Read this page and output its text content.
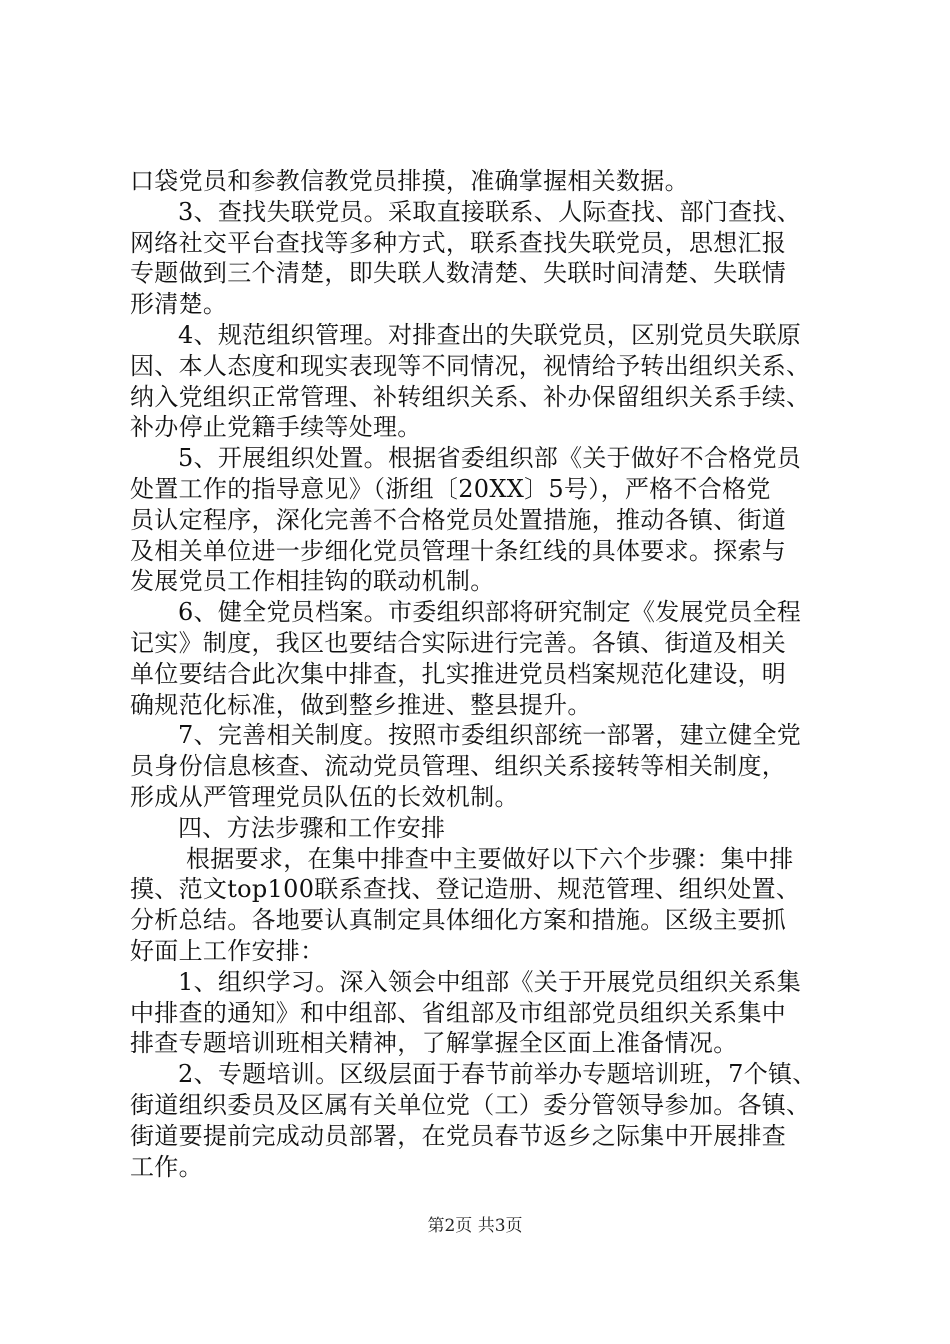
口袋党员和参教信教党员排摸，准确掌握相关数据。
3、查找失联党员。采取直接联系、人际查找、部门查找、
网络社交平台查找等多种方式，联系查找失联党员，思想汇报
专题做到三个清楚，即失联人数清楚、失联时间清楚、失联情
形清楚。
4、规范组织管理。对排查出的失联党员，区别党员失联原
因、本人态度和现实表现等不同情况，视情给予转出组织关系、
纳入党组织正常管理、补转组织关系、补办保留组织关系手续、
补办停止党籍手续等处理。
5、开展组织处置。根据省委组织部《关于做好不合格党员
处置工作的指导意见》（浙组〔20XX〕5号），严格不合格党
员认定程序，深化完善不合格党员处置措施，推动各镇、街道
及相关单位进一步细化党员管理十条红线的具体要求。探索与
发展党员工作相挂钩的联动机制。
6、健全党员档案。市委组织部将研究制定《发展党员全程
记实》制度，我区也要结合实际进行完善。各镇、街道及相关
单位要结合此次集中排查，扎实推进党员档案规范化建设，明
确规范化标准，做到整乡推进、整县提升。
7、完善相关制度。按照市委组织部统一部署，建立健全党
员身份信息核查、流动党员管理、组织关系接转等相关制度，
形成从严管理党员队伍的长效机制。
四、方法步骤和工作安排
根据要求，在集中排查中主要做好以下六个步骤：集中排
摸、范文top100联系查找、登记造册、规范管理、组织处置、
分析总结。各地要认真制定具体细化方案和措施。区级主要抓
好面上工作安排：
1、组织学习。深入领会中组部《关于开展党员组织关系集
中排查的通知》和中组部、省组部及市组部党员组织关系集中
排查专题培训班相关精神，了解掌握全区面上准备情况。
2、专题培训。区级层面于春节前举办专题培训班，7个镇、
街道组织委员及区属有关单位党（工）委分管领导参加。各镇、
街道要提前完成动员部署，在党员春节返乡之际集中开展排查
工作。
第2页 共3页
